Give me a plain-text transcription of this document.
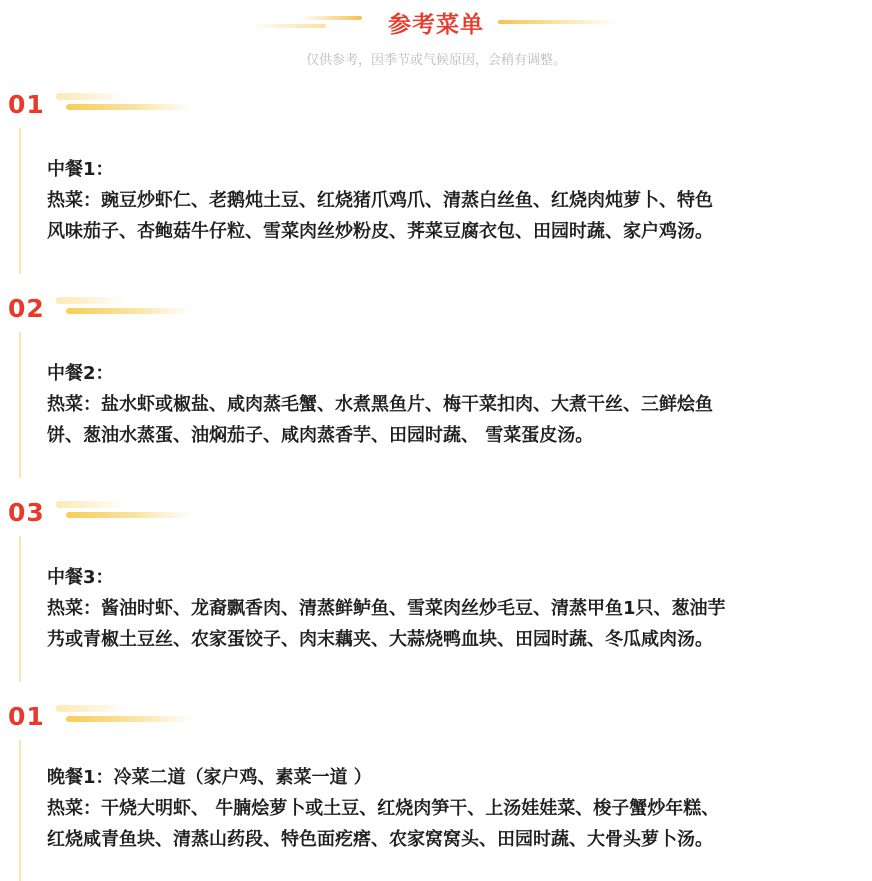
参考菜单
仅供参考，因季节或气候原因，会稍有调整。
01
中餐1：
热菜：豌豆炒虾仁、老鹅炖土豆、红烧猪爪鸡爪、清蒸白丝鱼、红烧肉炖萝卜、特色
风味茄子、杏鲍菇牛仔粒、雪菜肉丝炒粉皮、荠菜豆腐衣包、田园时蔬、家户鸡汤。
02
中餐2：
热菜：盐水虾或椒盐、咸肉蒸毛蟹、水煮黑鱼片、梅干菜扣肉、大煮干丝、三鲜烩鱼
饼、葱油水蒸蛋、油焖茄子、咸肉蒸香芋、田园时蔬、 雪菜蛋皮汤。
03
中餐3：
热菜：酱油时虾、龙裔飘香肉、清蒸鲜鲈鱼、雪菜肉丝炒毛豆、清蒸甲鱼1只、葱油芋
艿或青椒土豆丝、农家蛋饺子、肉末藕夹、大蒜烧鸭血块、田园时蔬、冬瓜咸肉汤。
01
晚餐1：冷菜二道（家户鸡、素菜一道 ）
热菜：干烧大明虾、 牛腩烩萝卜或土豆、红烧肉笋干、上汤娃娃菜、梭子蟹炒年糕、
红烧咸青鱼块、清蒸山药段、特色面疙瘩、农家窝窝头、田园时蔬、大骨头萝卜汤。
